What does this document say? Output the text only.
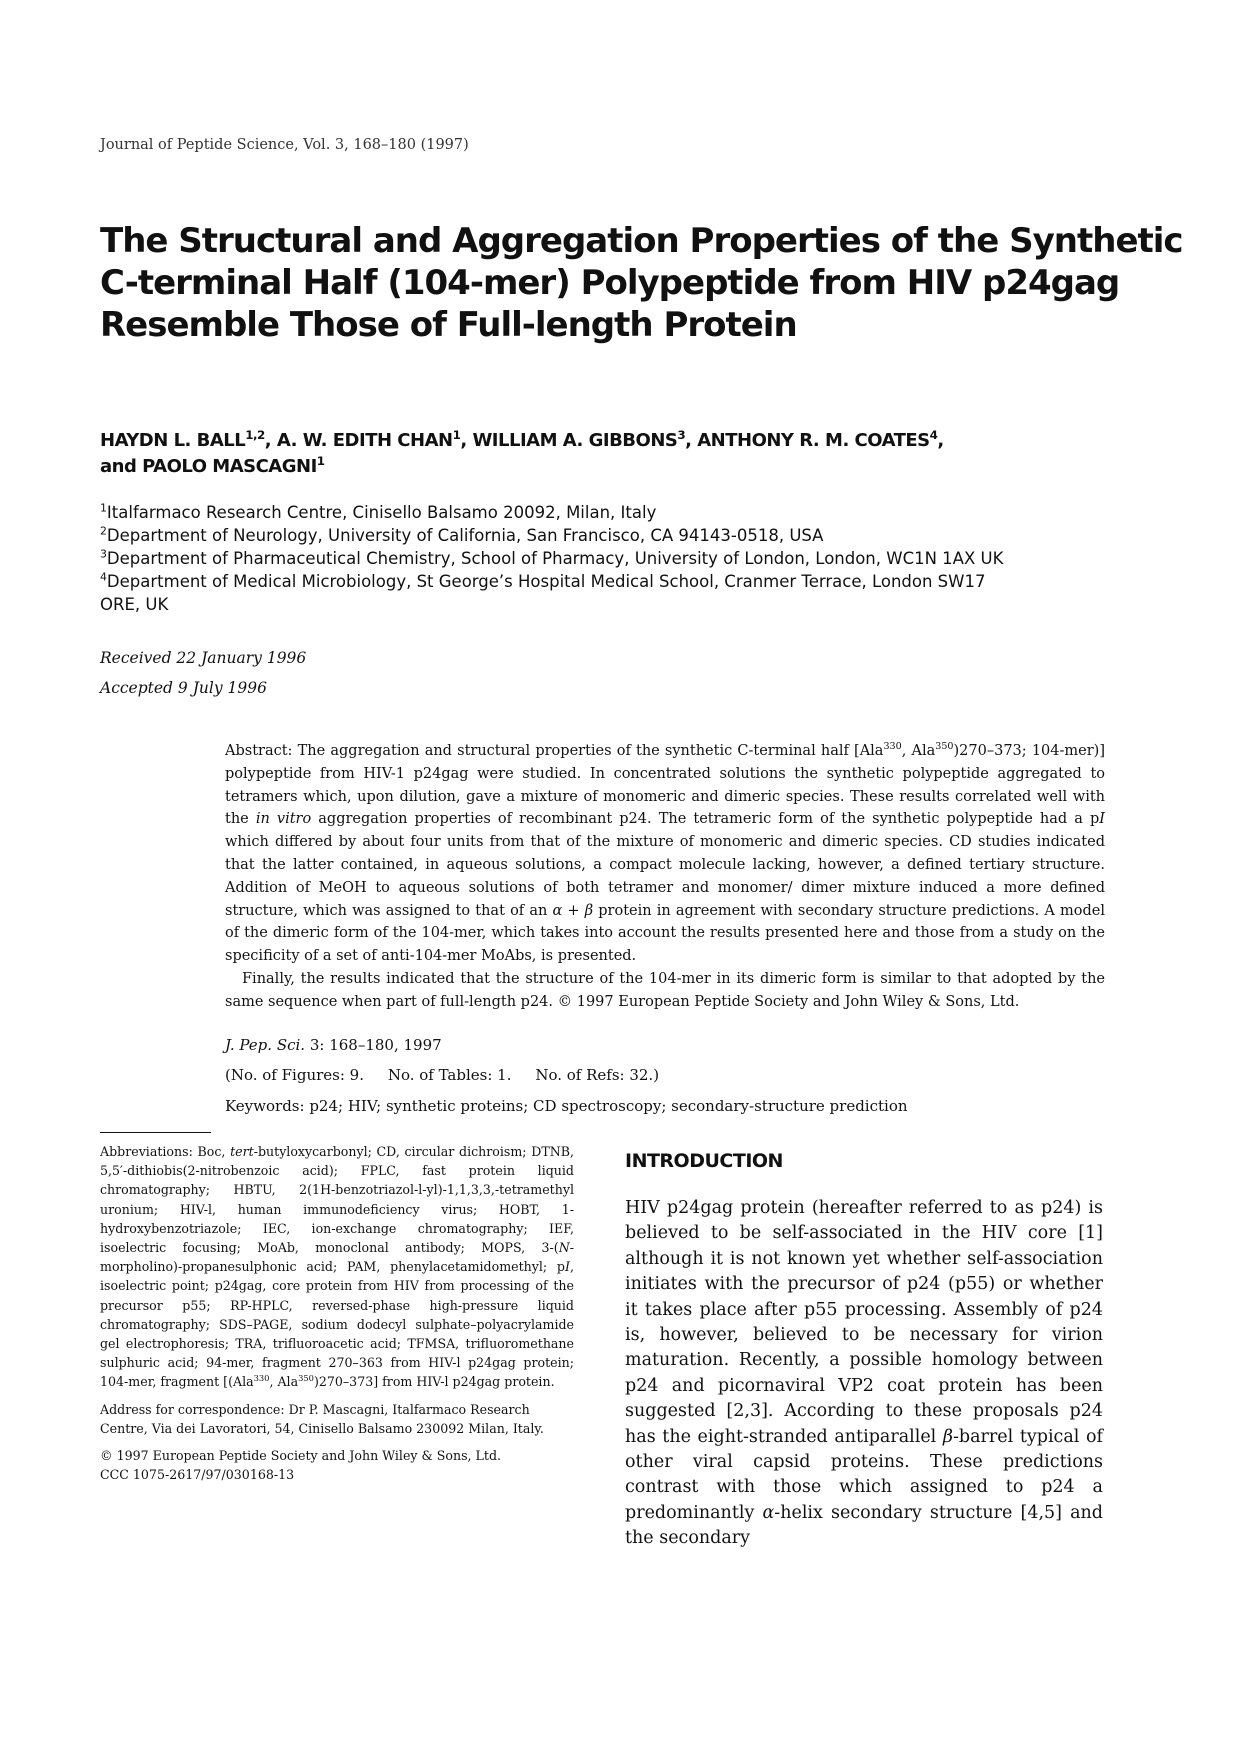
Journal of Peptide Science, Vol. 3, 168–180 (1997)
The Structural and Aggregation Properties of the Synthetic
C-terminal Half (104-mer) Polypeptide from HIV p24gag
Resemble Those of Full-length Protein
HAYDN L. BALL$^{1,2}$, A. W. EDITH CHAN$^1$, WILLIAM A. GIBBONS$^3$, ANTHONY R. M. COATES$^4$,
and PAOLO MASCAGNI$^1$
$^1$Italfarmaco Research Centre, Cinisello Balsamo 20092, Milan, Italy
$^2$Department of Neurology, University of California, San Francisco, CA 94143-0518, USA
$^3$Department of Pharmaceutical Chemistry, School of Pharmacy, University of London, London, WC1N 1AX UK
$^4$Department of Medical Microbiology, St George’s Hospital Medical School, Cranmer Terrace, London SW17
ORE, UK
Received 22 January 1996
Accepted 9 July 1996

Abstract: The aggregation and structural properties of the synthetic C-terminal half [Ala$^{330}$, Ala$^{350}$)270–373; 104-mer)] polypeptide from HIV-1 p24gag were studied. In concentrated solutions the synthetic polypeptide aggregated to tetramers which, upon dilution, gave a mixture of monomeric and dimeric species. These results correlated well with the in vitro aggregation properties of recombinant p24. The tetrameric form of the synthetic polypeptide had a pI which differed by about four units from that of the mixture of monomeric and dimeric species. CD studies indicated that the latter contained, in aqueous solutions, a compact molecule lacking, however, a defined tertiary structure. Addition of MeOH to aqueous solutions of both tetramer and monomer/ dimer mixture induced a more defined structure, which was assigned to that of an α + β protein in agreement with secondary structure predictions. A model of the dimeric form of the 104-mer, which takes into account the results presented here and those from a study on the specificity of a set of anti-104-mer MoAbs, is presented.

Finally, the results indicated that the structure of the 104-mer in its dimeric form is similar to that adopted by the same sequence when part of full-length p24. © 1997 European Peptide Society and John Wiley & Sons, Ltd.

J. Pep. Sci. 3: 168–180, 1997
(No. of Figures: 9.     No. of Tables: 1.     No. of Refs: 32.)
Keywords: p24; HIV; synthetic proteins; CD spectroscopy; secondary-structure prediction

Abbreviations: Boc, tert-butyloxycarbonyl; CD, circular dichroism; DTNB, 5,5′-dithiobis(2-nitrobenzoic acid); FPLC, fast protein liquid chromatography; HBTU, 2(1H-benzotriazol-l-yl)-1,1,3,3,-tetramethyl uronium; HIV-l, human immunodeficiency virus; HOBT, 1-hydroxybenzotriazole; IEC, ion-exchange chromatography; IEF, isoelectric focusing; MoAb, monoclonal antibody; MOPS, 3-(N-morpholino)-propanesulphonic acid; PAM, phenylacetamidomethyl; pI, isoelectric point; p24gag, core protein from HIV from processing of the precursor p55; RP-HPLC, reversed-phase high-pressure liquid chromatography; SDS–PAGE, sodium dodecyl sulphate–polyacrylamide gel electrophoresis; TRA, trifluoroacetic acid; TFMSA, trifluoromethane sulphuric acid; 94-mer, fragment 270–363 from HIV-l p24gag protein; 104-mer, fragment [(Ala$^{330}$, Ala$^{350}$)270–373] from HIV-l p24gag protein.

Address for correspondence: Dr P. Mascagni, Italfarmaco Research Centre, Via dei Lavoratori, 54, Cinisello Balsamo 230092 Milan, Italy.

© 1997 European Peptide Society and John Wiley & Sons, Ltd.

CCC 1075-2617/97/030168-13

INTRODUCTION

HIV p24gag protein (hereafter referred to as p24) is believed to be self-associated in the HIV core [1] although it is not known yet whether self-association initiates with the precursor of p24 (p55) or whether it takes place after p55 processing. Assembly of p24 is, however, believed to be necessary for virion maturation. Recently, a possible homology between p24 and picornaviral VP2 coat protein has been suggested [2,3]. According to these proposals p24 has the eight-stranded antiparallel β-barrel typical of other viral capsid proteins. These predictions contrast with those which assigned to p24 a predominantly α-helix secondary structure [4,5] and the secondary
